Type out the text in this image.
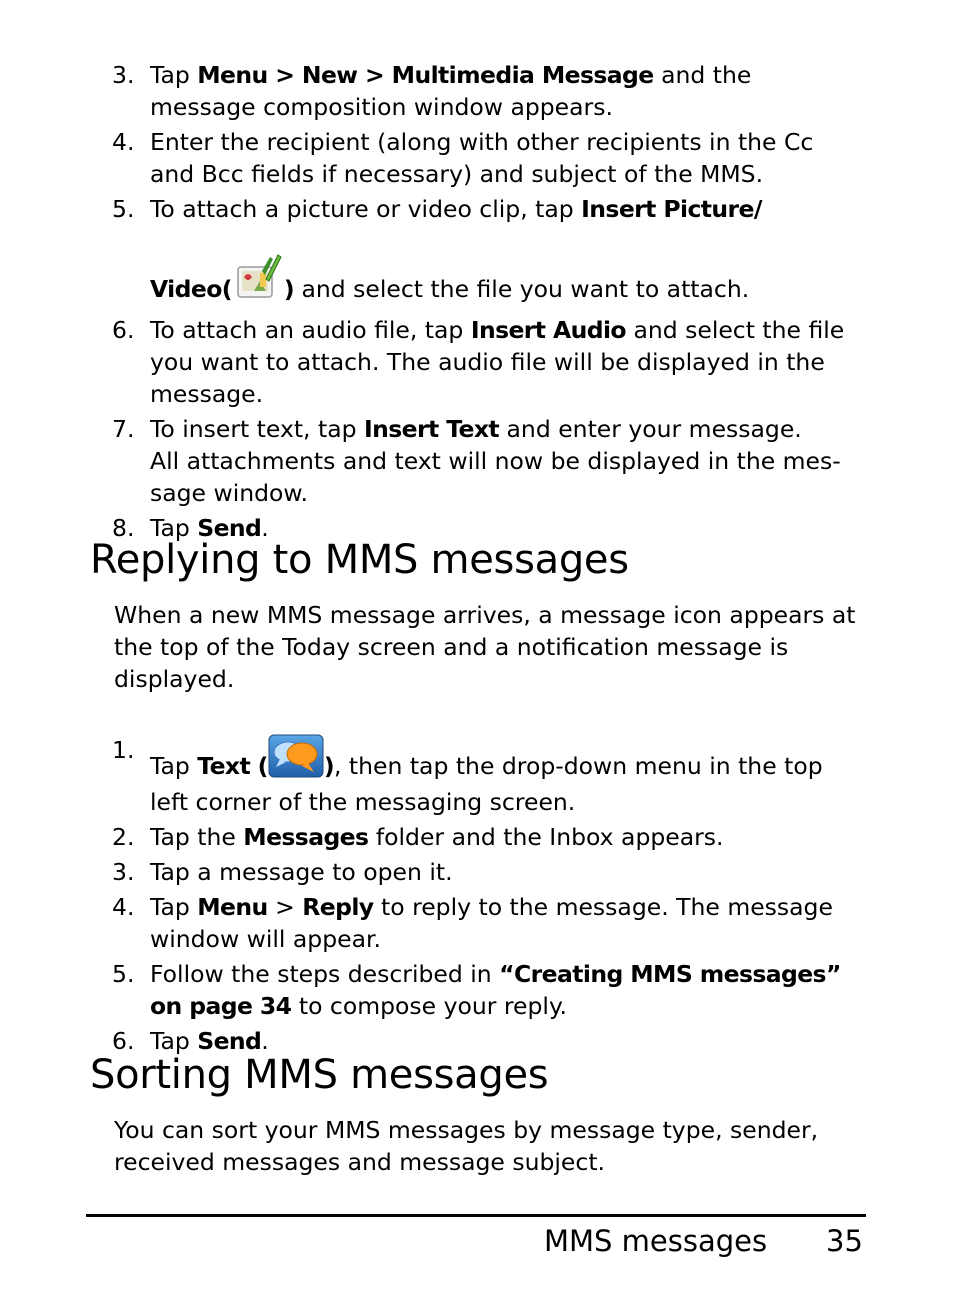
3. Tap Menu > New > Multimedia Message and the message composition window appears.
4. Enter the recipient (along with other recipients in the Cc and Bcc fields if necessary) and subject of the MMS.
5. To attach a picture or video clip, tap Insert Picture/
Video( ) and select the file you want to attach.
6. To attach an audio file, tap Insert Audio and select the file you want to attach. The audio file will be displayed in the message.
7. To insert text, tap Insert Text and enter your message.
All attachments and text will now be displayed in the mes-sage window.
8. Tap Send.
Replying to MMS messages

When a new MMS message arrives, a message icon appears at the top of the Today screen and a notification message is displayed.

1.
Tap Text ( ), then tap the drop-down menu in the top left corner of the messaging screen.
2. Tap the Messages folder and the Inbox appears.
3. Tap a message to open it.
4. Tap Menu > Reply to reply to the message. The message window will appear.
5. Follow the steps described in “Creating MMS messages” on page 34 to compose your reply.
6. Tap Send.
Sorting MMS messages

You can sort your MMS messages by message type, sender, received messages and message subject.

MMS messages 35
